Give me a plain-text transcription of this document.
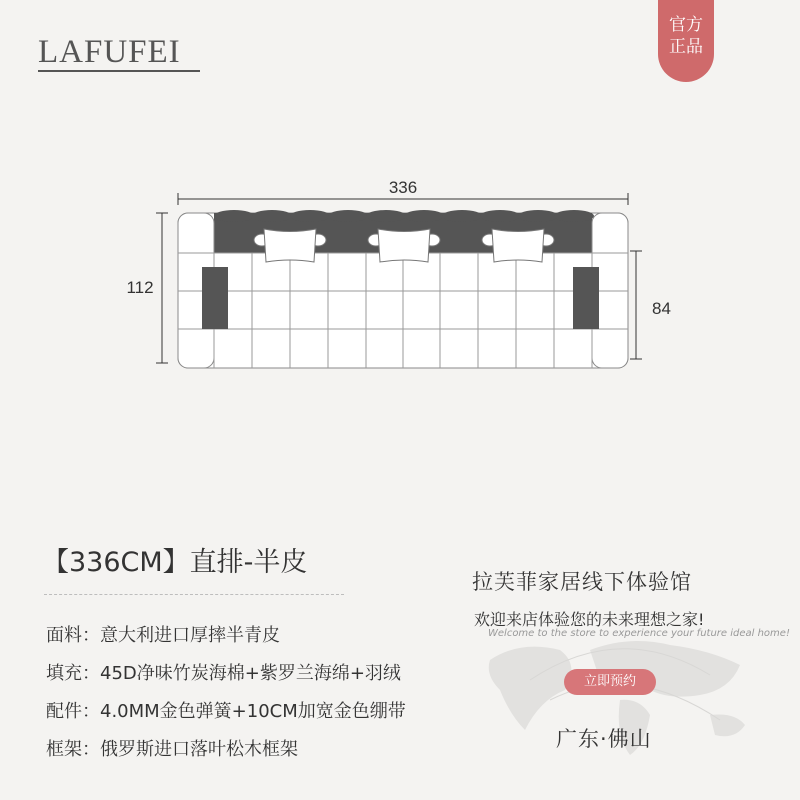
LAFUFEI
官方
正品
336
112
84
【336CM】直排-半皮
面料：意大利进口厚摔半青皮
填充：45D净味竹炭海棉+紫罗兰海绵+羽绒
配件：4.0MM金色弹簧+10CM加宽金色绷带
框架：俄罗斯进口落叶松木框架
拉芙菲家居线下体验馆
欢迎来店体验您的未来理想之家!
Welcome to the store to experience your future ideal home!
立即预约
广东·佛山
